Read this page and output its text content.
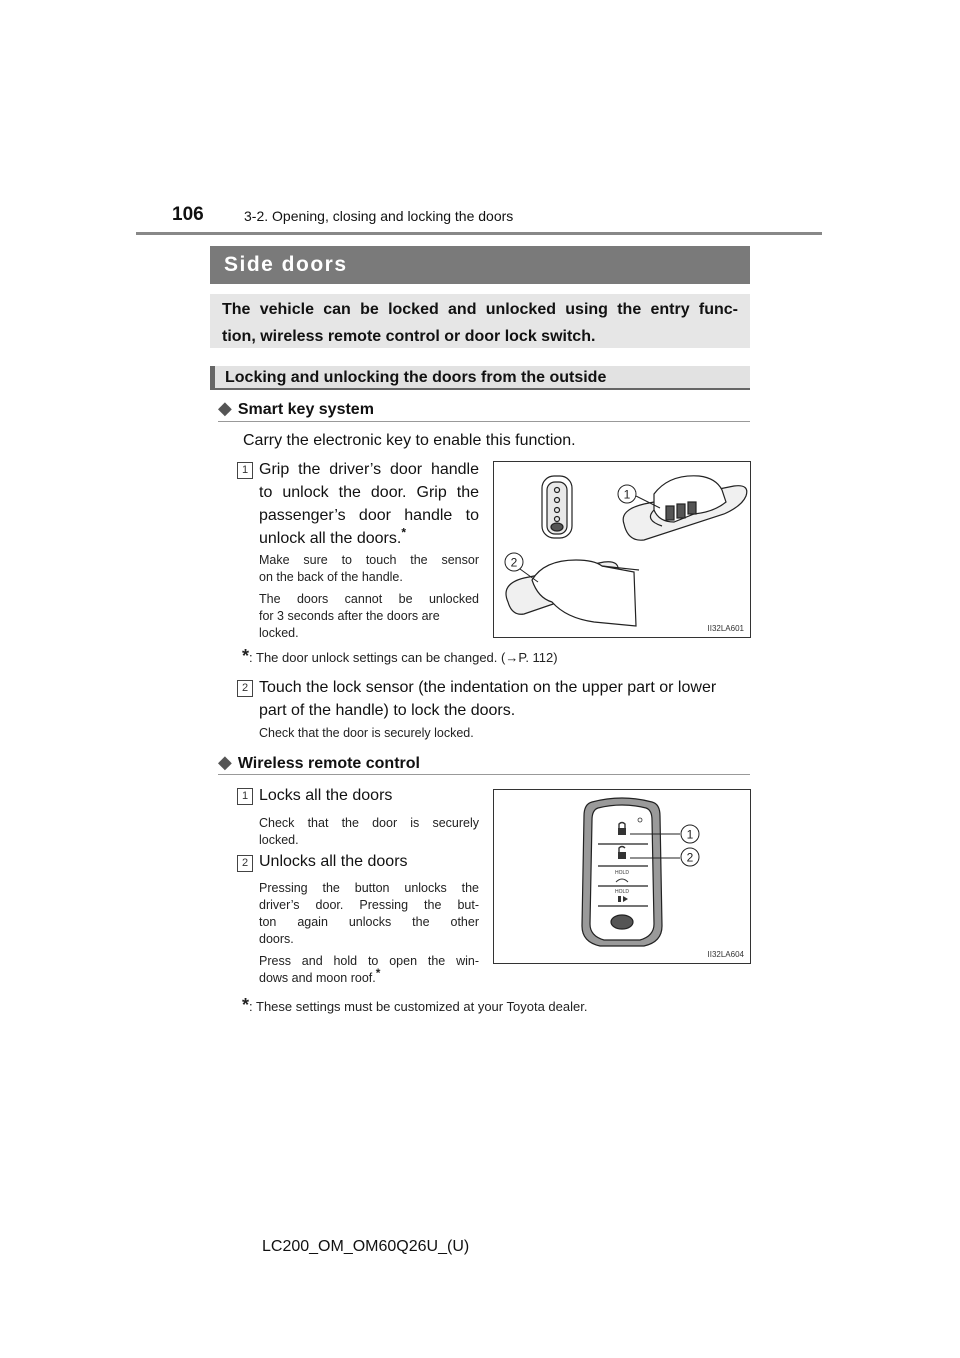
106	3-2. Opening, closing and locking the doors
Side doors
The vehicle can be locked and unlocked using the entry func-
tion, wireless remote control or door lock switch.
Locking and unlocking the doors from the outside
◆ Smart key system
Carry the electronic key to enable this function.
1 Grip the driver’s door handle
to unlock the door. Grip the
passenger’s door handle to
unlock all the doors.*
Make sure to touch the sensor
on the back of the handle.
The doors cannot be unlocked
for 3 seconds after the doors are
locked.
1
2
II32LA601
*: The door unlock settings can be changed. (→P. 112)
2 Touch the lock sensor (the indentation on the upper part or lower
part of the handle) to lock the doors.
Check that the door is securely locked.
◆ Wireless remote control
1 Locks all the doors
Check that the door is securely
locked.
2 Unlocks all the doors
Pressing the button unlocks the
driver’s door. Pressing the but-
ton again unlocks the other
doors.
Press and hold to open the win-
dows and moon roof.*
HOLD
HOLD
1
2
II32LA604
*: These settings must be customized at your Toyota dealer.
LC200_OM_OM60Q26U_(U)
